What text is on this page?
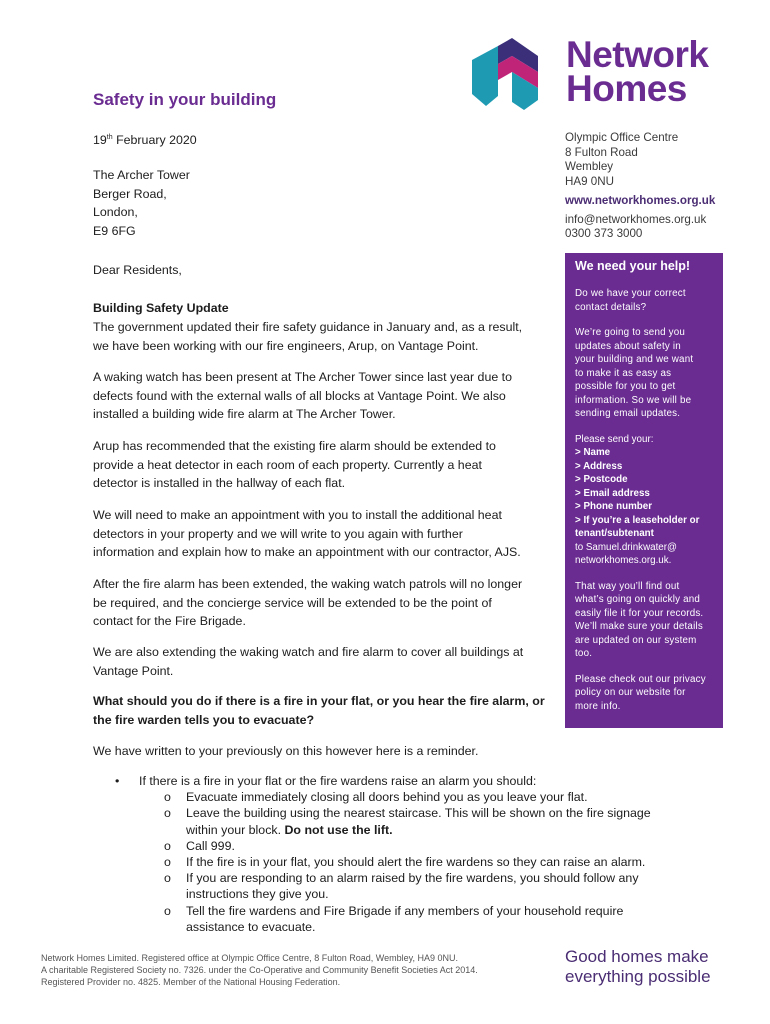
Safety in your building
Network
Homes
Olympic Office Centre
8 Fulton Road
Wembley
HA9 0NU
www.networkhomes.org.uk
info@networkhomes.org.uk
0300 373 3000
19th February 2020
The Archer Tower
Berger Road,
London,
E9 6FG
Dear Residents,
Building Safety Update
The government updated their fire safety guidance in January and, as a result,
we have been working with our fire engineers, Arup, on Vantage Point.
A waking watch has been present at The Archer Tower since last year due to
defects found with the external walls of all blocks at Vantage Point. We also
installed a building wide fire alarm at The Archer Tower.
Arup has recommended that the existing fire alarm should be extended to
provide a heat detector in each room of each property. Currently a heat
detector is installed in the hallway of each flat.
We will need to make an appointment with you to install the additional heat
detectors in your property and we will write to you again with further
information and explain how to make an appointment with our contractor, AJS.
After the fire alarm has been extended, the waking watch patrols will no longer
be required, and the concierge service will be extended to be the point of
contact for the Fire Brigade.
We are also extending the waking watch and fire alarm to cover all buildings at
Vantage Point.
What should you do if there is a fire in your flat, or you hear the fire alarm, or
the fire warden tells you to evacuate?
We have written to your previously on this however here is a reminder.
• If there is a fire in your flat or the fire wardens raise an alarm you should:
o Evacuate immediately closing all doors behind you as you leave your flat.
o Leave the building using the nearest staircase. This will be shown on the fire signage
within your block. Do not use the lift.
o Call 999.
o If the fire is in your flat, you should alert the fire wardens so they can raise an alarm.
o If you are responding to an alarm raised by the fire wardens, you should follow any
instructions they give you.
o Tell the fire wardens and Fire Brigade if any members of your household require
assistance to evacuate.
We need your help!

Do we have your correct
contact details?

We’re going to send you
updates about safety in
your building and we want
to make it as easy as
possible for you to get
information. So we will be
sending email updates.

Please send your:
> Name
> Address
> Postcode
> Email address
> Phone number
> If you’re a leaseholder or
tenant/subtenant
to Samuel.drinkwater@
networkhomes.org.uk.

That way you’ll find out
what’s going on quickly and
easily file it for your records.
We’ll make sure your details
are updated on our system
too.

Please check out our privacy
policy on our website for
more info.

Network Homes Limited. Registered office at Olympic Office Centre, 8 Fulton Road, Wembley, HA9 0NU.
A charitable Registered Society no. 7326. under the Co-Operative and Community Benefit Societies Act 2014.
Registered Provider no. 4825. Member of the National Housing Federation.
Good homes make
everything possible
